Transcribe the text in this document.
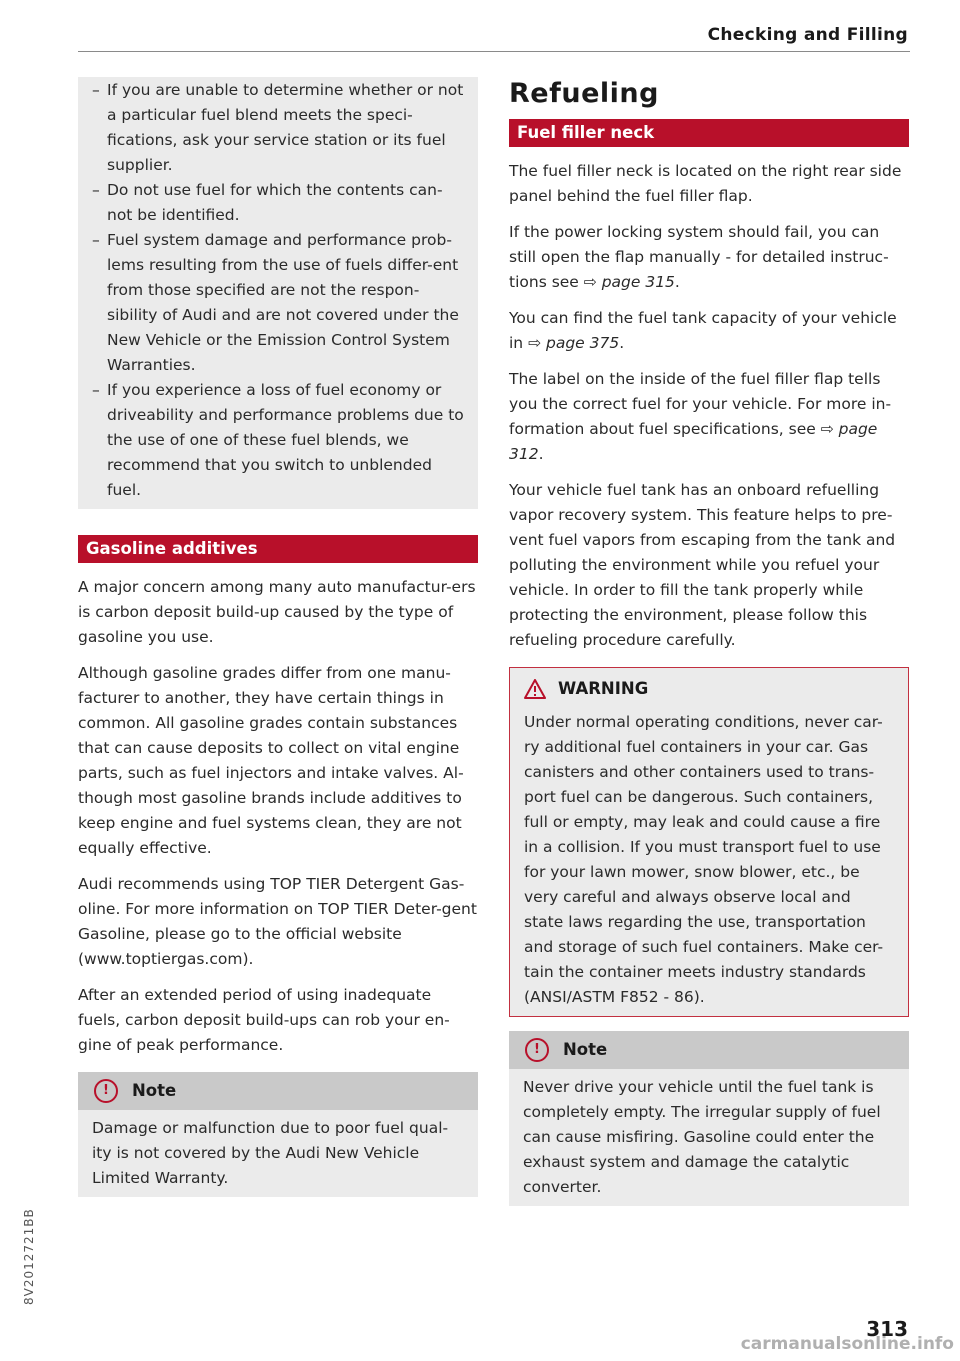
Checking and Filling
– If you are unable to determine whether or not a particular fuel blend meets the speci-fications, ask your service station or its fuel supplier.
– Do not use fuel for which the contents can-not be identified.
– Fuel system damage and performance prob-lems resulting from the use of fuels differ-ent from those specified are not the respon-sibility of Audi and are not covered under the New Vehicle or the Emission Control System Warranties.
– If you experience a loss of fuel economy or driveability and performance problems due to the use of one of these fuel blends, we recommend that you switch to unblended fuel.
Gasoline additives

A major concern among many auto manufactur-ers is carbon deposit build-up caused by the type of gasoline you use.

Although gasoline grades differ from one manu-facturer to another, they have certain things in common. All gasoline grades contain substances that can cause deposits to collect on vital engine parts, such as fuel injectors and intake valves. Al-though most gasoline brands include additives to keep engine and fuel systems clean, they are not equally effective.

Audi recommends using TOP TIER Detergent Gas-oline. For more information on TOP TIER Deter-gent Gasoline, please go to the official website (www.toptiergas.com).

After an extended period of using inadequate fuels, carbon deposit build-ups can rob your en-gine of peak performance.

!	Note

Damage or malfunction due to poor fuel qual-ity is not covered by the Audi New Vehicle Limited Warranty.

Refueling
Fuel filler neck

The fuel filler neck is located on the right rear side panel behind the fuel filler flap.

If the power locking system should fail, you can still open the flap manually - for detailed instruc-tions see ⇨ page 315.

You can find the fuel tank capacity of your vehicle in ⇨ page 375.

The label on the inside of the fuel filler flap tells you the correct fuel for your vehicle. For more in-formation about fuel specifications, see ⇨ page 312.

Your vehicle fuel tank has an onboard refuelling vapor recovery system. This feature helps to pre-vent fuel vapors from escaping from the tank and polluting the environment while you refuel your vehicle. In order to fill the tank properly while protecting the environment, please follow this refueling procedure carefully.

WARNING

Under normal operating conditions, never car-ry additional fuel containers in your car. Gas canisters and other containers used to trans-port fuel can be dangerous. Such containers, full or empty, may leak and could cause a fire in a collision. If you must transport fuel to use for your lawn mower, snow blower, etc., be very careful and always observe local and state laws regarding the use, transportation and storage of such fuel containers. Make cer-tain the container meets industry standards (ANSI/ASTM F852 - 86).

!	Note

Never drive your vehicle until the fuel tank is completely empty. The irregular supply of fuel can cause misfiring. Gasoline could enter the exhaust system and damage the catalytic converter.

8V2012721BB
313
carmanualsonline.info
